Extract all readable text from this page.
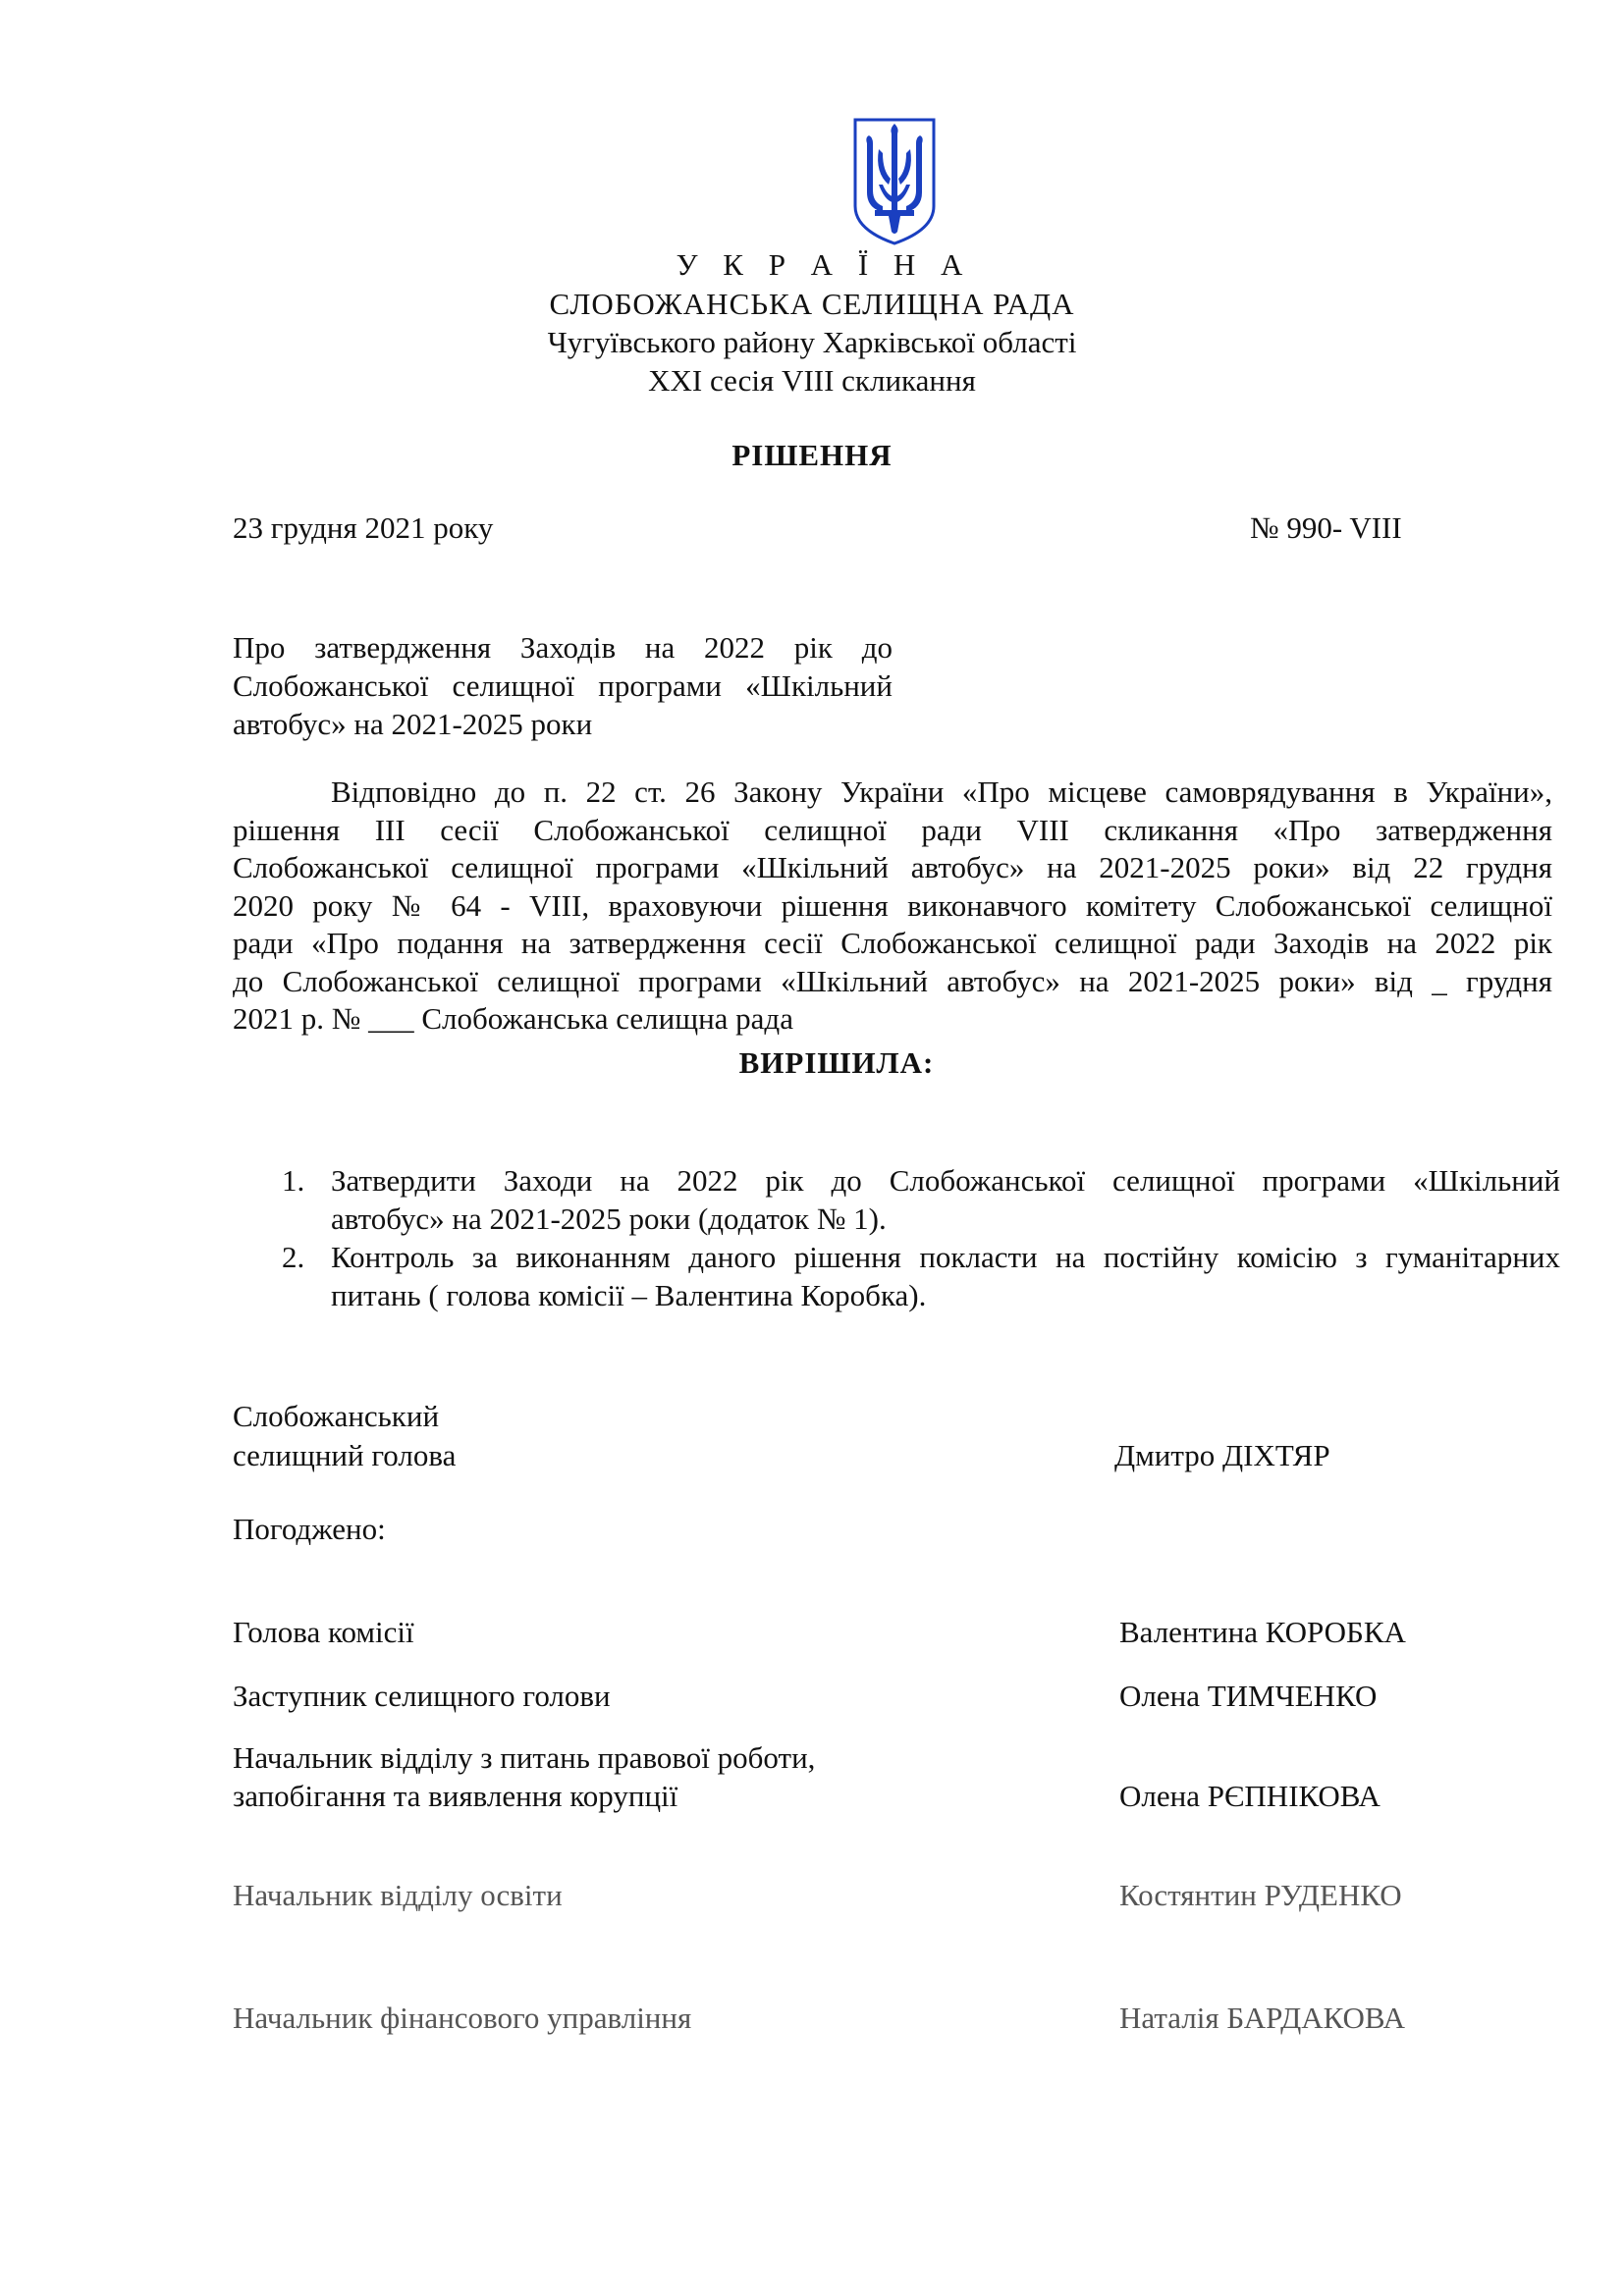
У К Р А Ї Н А
СЛОБОЖАНСЬКА СЕЛИЩНА РАДА
Чугуївського району Харківської області
XXI сесія VIII скликання
РІШЕННЯ
23 грудня 2021 року	№ 990- VIII
Про затвердження Заходів на 2022 рік до
Слобожанської селищної програми «Шкільний
автобус» на 2021-2025 роки
Відповідно до п. 22 ст. 26 Закону України «Про місцеве самоврядування в України»,
рішення ІІІ сесії Слобожанської селищної ради VIII скликання «Про затвердження
Слобожанської селищної програми «Шкільний автобус» на 2021-2025 роки» від 22 грудня
2020 року № 64 - VIII, враховуючи рішення виконавчого комітету Слобожанської селищної
ради «Про подання на затвердження сесії Слобожанської селищної ради Заходів на 2022 рік
до Слобожанської селищної програми «Шкільний автобус» на 2021-2025 роки» від _ грудня
2021 р. № ___ Слобожанська селищна рада
ВИРІШИЛА:
1. Затвердити Заходи на 2022 рік до Слобожанської селищної програми «Шкільний
автобус» на 2021-2025 роки (додаток № 1).
2. Контроль за виконанням даного рішення покласти на постійну комісію з гуманітарних
питань ( голова комісії – Валентина Коробка).
Слобожанський
селищний голова	Дмитро ДІХТЯР
Погоджено:
Голова комісії	Валентина КОРОБКА
Заступник селищного голови	Олена ТИМЧЕНКО
Начальник відділу з питань правової роботи,
запобігання та виявлення корупції	Олена РЄПНІКОВА
Начальник відділу освіти	Костянтин РУДЕНКО
Начальник фінансового управління	Наталія БАРДАКОВА
